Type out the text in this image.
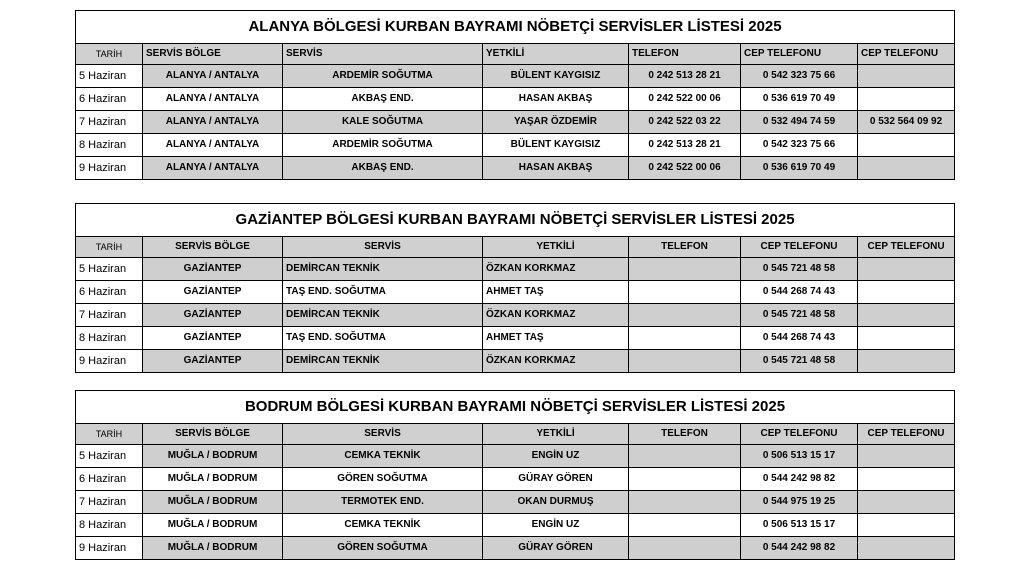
ALANYA BÖLGESİ KURBAN BAYRAMI NÖBETÇİ SERVİSLER LİSTESİ 2025						
TARİH	SERVİS BÖLGE	SERVİS	YETKİLİ	TELEFON	CEP TELEFONU	CEP TELEFONU
5 Haziran	ALANYA / ANTALYA	ARDEMİR SOĞUTMA	BÜLENT KAYGISIZ	0 242 513 28 21	0 542 323 75 66	
6 Haziran	ALANYA / ANTALYA	AKBAŞ END.	HASAN AKBAŞ	0 242 522 00 06	0 536 619 70 49	
7 Haziran	ALANYA / ANTALYA	KALE SOĞUTMA	YAŞAR ÖZDEMİR	0 242 522 03 22	0 532 494 74 59	0 532 564 09 92
8 Haziran	ALANYA / ANTALYA	ARDEMİR SOĞUTMA	BÜLENT KAYGISIZ	0 242 513 28 21	0 542 323 75 66	
9 Haziran	ALANYA / ANTALYA	AKBAŞ END.	HASAN AKBAŞ	0 242 522 00 06	0 536 619 70 49	
GAZİANTEP BÖLGESİ KURBAN BAYRAMI NÖBETÇİ SERVİSLER LİSTESİ 2025						
TARİH	SERVİS BÖLGE	SERVİS	YETKİLİ	TELEFON	CEP TELEFONU	CEP TELEFONU
5 Haziran	GAZİANTEP	DEMİRCAN TEKNİK	ÖZKAN KORKMAZ		0 545 721 48 58	
6 Haziran	GAZİANTEP	TAŞ END. SOĞUTMA	AHMET TAŞ		0 544 268 74 43	
7 Haziran	GAZİANTEP	DEMİRCAN TEKNİK	ÖZKAN KORKMAZ		0 545 721 48 58	
8 Haziran	GAZİANTEP	TAŞ END. SOĞUTMA	AHMET TAŞ		0 544 268 74 43	
9 Haziran	GAZİANTEP	DEMİRCAN TEKNİK	ÖZKAN KORKMAZ		0 545 721 48 58	
BODRUM BÖLGESİ KURBAN BAYRAMI NÖBETÇİ SERVİSLER LİSTESİ 2025						
TARİH	SERVİS BÖLGE	SERVİS	YETKİLİ	TELEFON	CEP TELEFONU	CEP TELEFONU
5 Haziran	MUĞLA / BODRUM	CEMKA TEKNİK	ENGİN UZ		0 506 513 15 17	
6 Haziran	MUĞLA / BODRUM	GÖREN SOĞUTMA	GÜRAY GÖREN		0 544 242 98 82	
7 Haziran	MUĞLA / BODRUM	TERMOTEK END.	OKAN DURMUŞ		0 544 975 19 25	
8 Haziran	MUĞLA / BODRUM	CEMKA TEKNİK	ENGİN UZ		0 506 513 15 17	
9 Haziran	MUĞLA / BODRUM	GÖREN SOĞUTMA	GÜRAY GÖREN		0 544 242 98 82	
